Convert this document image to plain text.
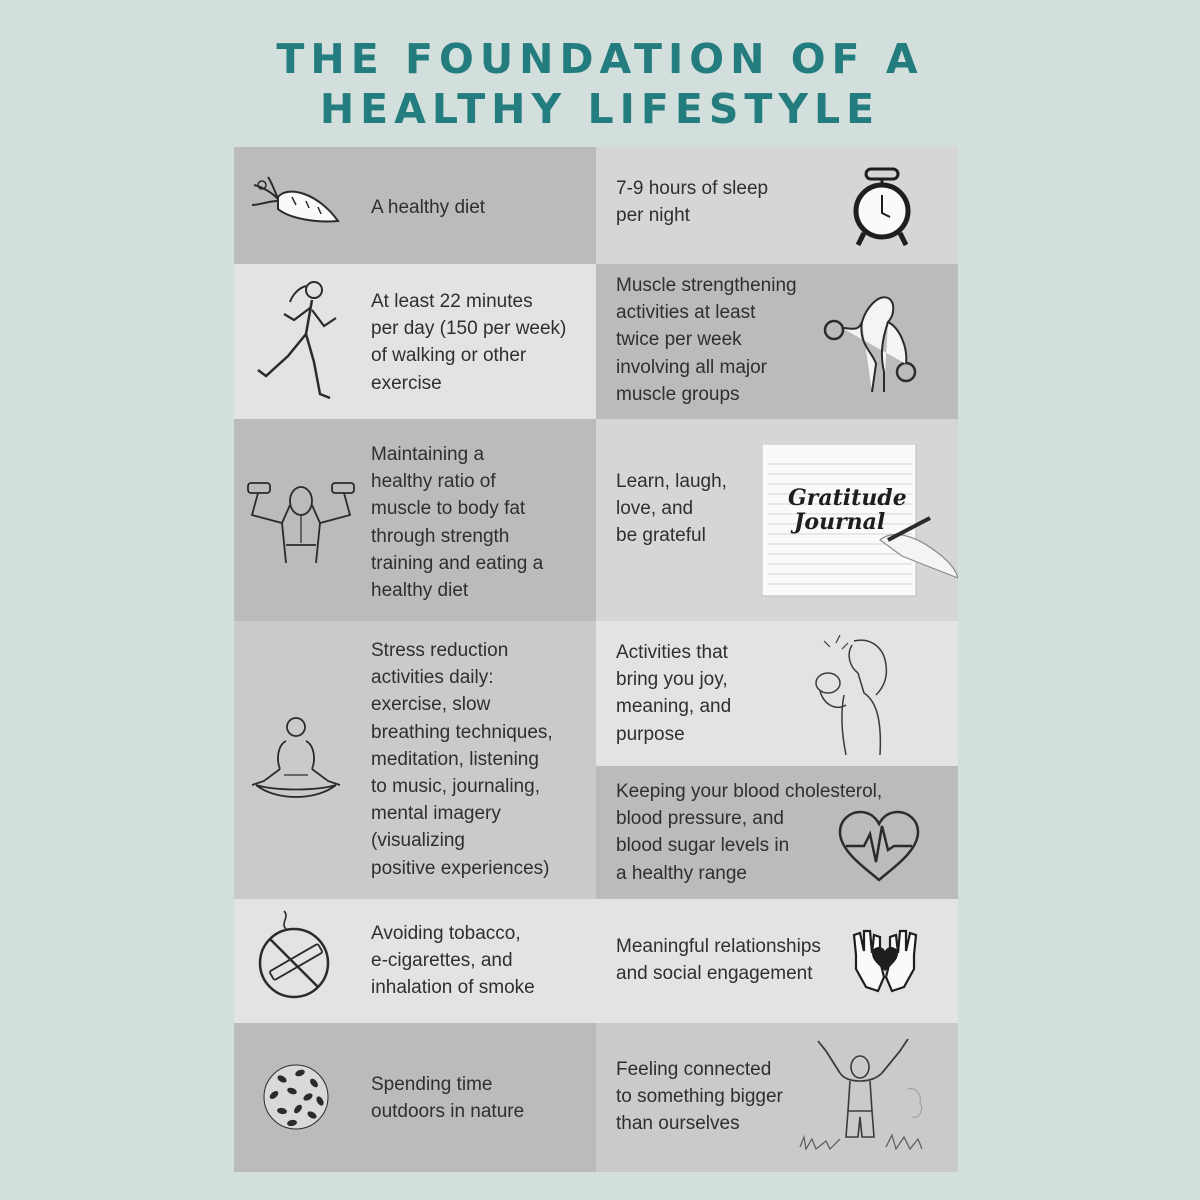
THE FOUNDATION OF A
HEALTHY LIFESTYLE
A healthy diet
At least 22 minutes
per day (150 per week)
of walking or other
exercise
Maintaining a
healthy ratio of
muscle to body fat
through strength
training and eating a
healthy diet
Stress reduction
activities daily:
exercise, slow
breathing techniques,
meditation, listening
to music, journaling,
mental imagery
(visualizing
positive experiences)
Avoiding tobacco,
e-cigarettes, and
inhalation of smoke
Spending time
outdoors in nature
7-9 hours of sleep
per night
Muscle strengthening
activities at least
twice per week
involving all major
muscle groups
Learn, laugh,
love, and
be grateful
Gratitude
Journal
Activities that
bring you joy,
meaning, and
purpose
Keeping your blood cholesterol,
blood pressure, and
blood sugar levels in
a healthy range
Meaningful relationships
and social engagement
Feeling connected
to something bigger
than ourselves
